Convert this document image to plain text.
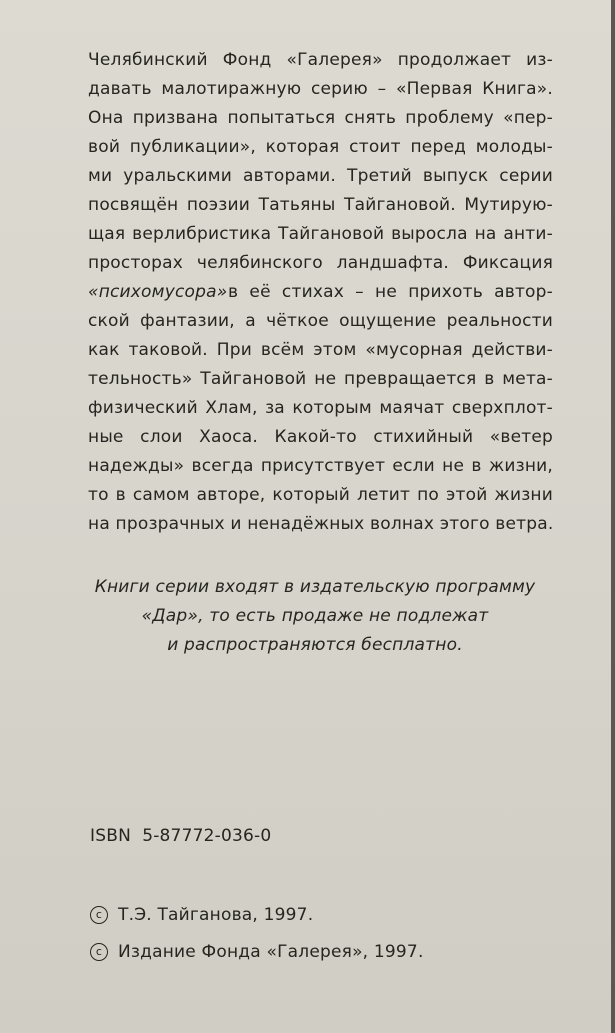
Челябинский Фонд «Галерея» продолжает из-
давать малотиражную серию – «Первая Книга».
Она призвана попытаться снять проблему «пер-
вой публикации», которая стоит перед молоды-
ми уральскими авторами. Третий выпуск серии
посвящён поэзии Татьяны Тайгановой. Мутирую-
щая верлибристика Тайгановой выросла на анти-
просторах челябинского ландшафта. Фиксация
«психомусора»в её стихах – не прихоть автор-
ской фантазии, а чёткое ощущение реальности
как таковой. При всём этом «мусорная действи-
тельность» Тайгановой не превращается в мета-
физический Хлам, за которым маячат сверхплот-
ные слои Хаоса. Какой-то стихийный «ветер
надежды» всегда присутствует если не в жизни,
то в самом авторе, который летит по этой жизни
на прозрачных и ненадёжных волнах этого ветра.
Книги серии входят в издательскую программу
«Дар», то есть продаже не подлежат
и распространяются бесплатно.
ISBN  5-87772-036-0
c Т.Э. Тайганова, 1997.
c Издание Фонда «Галерея», 1997.
